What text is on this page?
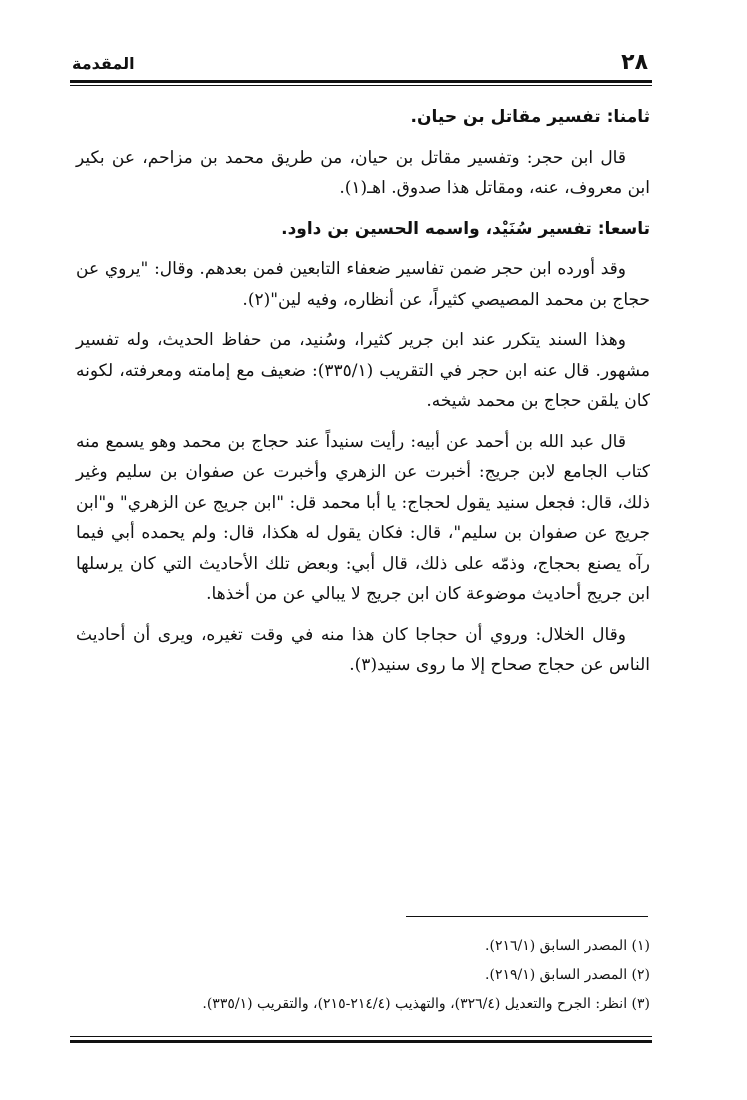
٢٨
المقدمة

ثامنا: تفسير مقاتل بن حيان.

قال ابن حجر: وتفسير مقاتل بن حيان، من طريق محمد بن مزاحم، عن بكير ابن معروف، عنه، ومقاتل هذا صدوق. اهـ(١).

تاسعا: تفسير سُنَيْد، واسمه الحسين بن داود.

وقد أورده ابن حجر ضمن تفاسير ضعفاء التابعين فمن بعدهم. وقال: "يروي عن حجاج بن محمد المصيصي كثيراً، عن أنظاره، وفيه لين"(٢).

وهذا السند يتكرر عند ابن جرير كثيرا، وسُنيد، من حفاظ الحديث، وله تفسير مشهور. قال عنه ابن حجر في التقريب (٣٣٥/١): ضعيف مع إمامته ومعرفته، لكونه كان يلقن حجاج بن محمد شيخه.

قال عبد الله بن أحمد عن أبيه: رأيت سنيداً عند حجاج بن محمد وهو يسمع منه كتاب الجامع لابن جريج: أخبرت عن الزهري وأخبرت عن صفوان بن سليم وغير ذلك، قال: فجعل سنيد يقول لحجاج: يا أبا محمد قل: "ابن جريج عن الزهري" و"ابن جريج عن صفوان بن سليم"، قال: فكان يقول له هكذا، قال: ولم يحمده أبي فيما رآه يصنع بحجاج، وذمّه على ذلك، قال أبي: وبعض تلك الأحاديث التي كان يرسلها ابن جريج أحاديث موضوعة كان ابن جريج لا يبالي عن من أخذها.

وقال الخلال: وروي أن حجاجا كان هذا منه في وقت تغيره، ويرى أن أحاديث الناس عن حجاج صحاح إلا ما روى سنيد(٣).

(١) المصدر السابق (٢١٦/١).
(٢) المصدر السابق (٢١٩/١).
(٣) انظر: الجرح والتعديل (٣٢٦/٤)، والتهذيب (٢١٤/٤-٢١٥)، والتقريب (٣٣٥/١).
